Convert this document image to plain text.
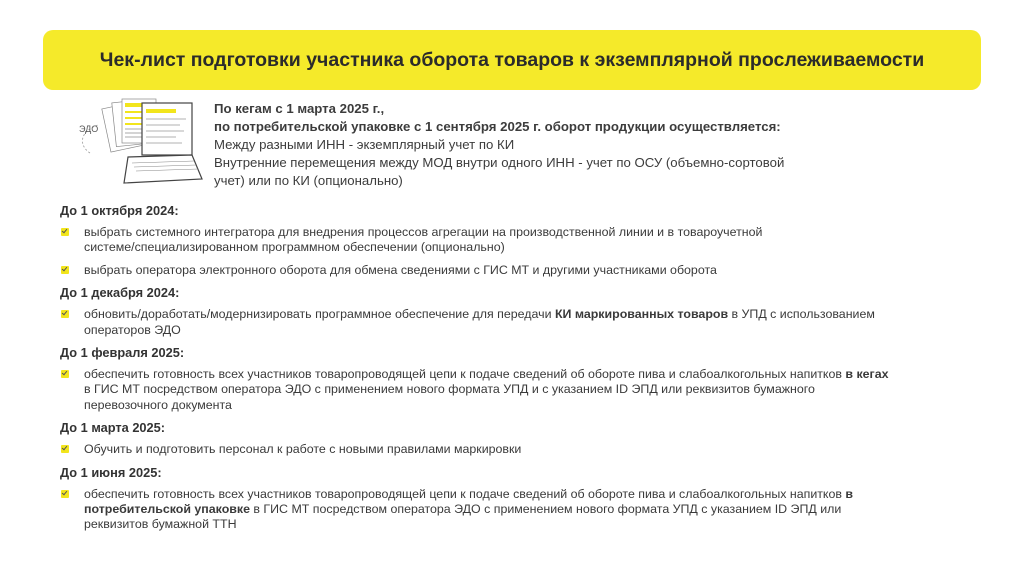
Чек-лист подготовки участника оборота товаров к экземплярной прослеживаемости
ЭДО
По кегам с 1 марта 2025 г.,
по потребительской упаковке с 1 сентября 2025 г. оборот продукции осуществляется:
Между разными ИНН - экземплярный учет по КИ
Внутренние перемещения между МОД внутри одного ИНН - учет по ОСУ (объемно-сортовой
учет) или по КИ (опционально)
До 1 октября 2024:
выбрать системного интегратора для внедрения процессов агрегации на производственной линии и в товароучетной
системе/специализированном программном обеспечении (опционально)
выбрать оператора электронного оборота для обмена сведениями с ГИС МТ и другими участниками оборота
До 1 декабря 2024:
обновить/доработать/модернизировать программное обеспечение для передачи КИ маркированных товаров в УПД с использованием
операторов ЭДО
До 1 февраля 2025:
обеспечить готовность всех участников товаропроводящей цепи к подаче сведений об обороте пива и слабоалкогольных напитков в кегах
в ГИС МТ посредством оператора ЭДО с применением нового формата УПД и с указанием ID ЭПД или реквизитов бумажного
перевозочного документа
До 1 марта 2025:
Обучить и подготовить персонал к работе с новыми правилами маркировки
До 1 июня 2025:
обеспечить готовность всех участников товаропроводящей цепи к подаче сведений об обороте пива и слабоалкогольных напитков в
потребительской упаковке в ГИС МТ посредством оператора ЭДО с применением нового формата УПД с указанием ID ЭПД или
реквизитов бумажной ТТН
